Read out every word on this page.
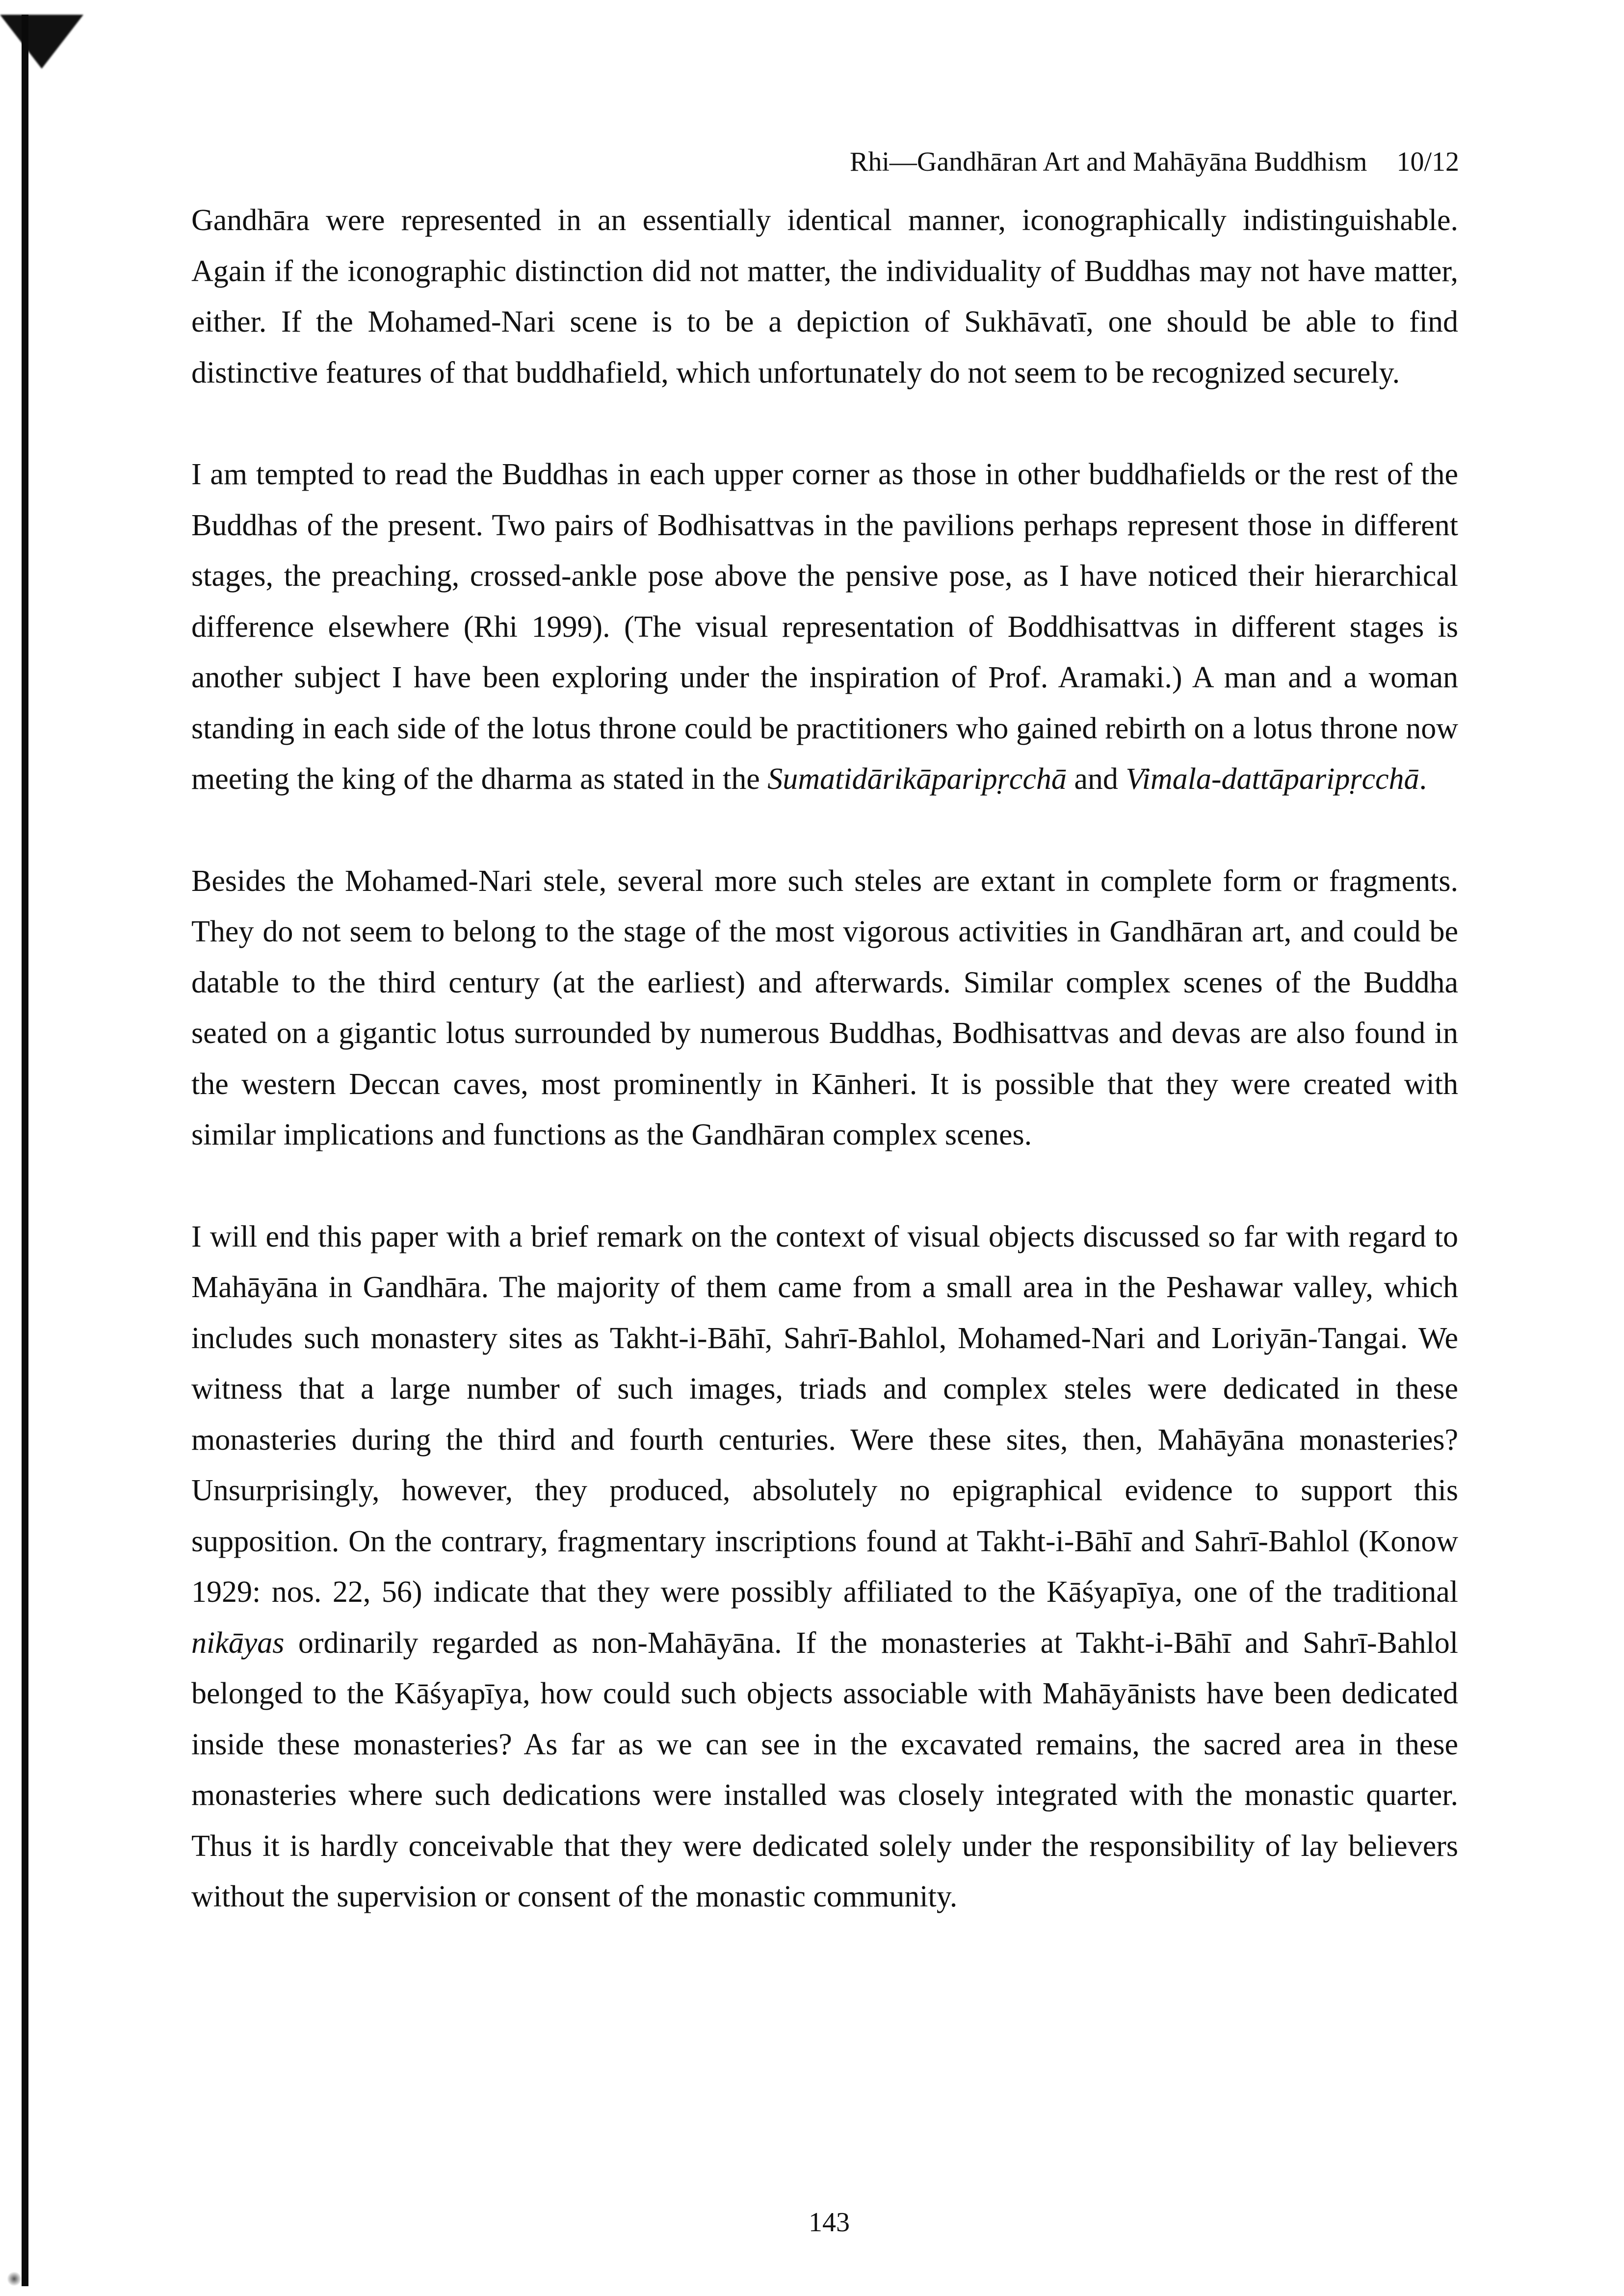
Rhi—Gandhāran Art and Mahāyāna Buddhism 10/12

Gandhāra were represented in an essentially identical manner, iconographically indistinguishable. Again if the iconographic distinction did not matter, the individuality of Buddhas may not have matter, either. If the Mohamed-Nari scene is to be a depiction of Sukhāvatī, one should be able to find distinctive features of that buddhafield, which unfortunately do not seem to be recognized securely.

I am tempted to read the Buddhas in each upper corner as those in other buddhafields or the rest of the Buddhas of the present. Two pairs of Bodhisattvas in the pavilions perhaps represent those in different stages, the preaching, crossed-ankle pose above the pensive pose, as I have noticed their hierarchical difference elsewhere (Rhi 1999). (The visual representation of Boddhisattvas in different stages is another subject I have been exploring under the inspiration of Prof. Aramaki.) A man and a woman standing in each side of the lotus throne could be practitioners who gained rebirth on a lotus throne now meeting the king of the dharma as stated in the Sumatidārikāparipṛcchā and Vimala-dattāparipṛcchā.

Besides the Mohamed-Nari stele, several more such steles are extant in complete form or fragments. They do not seem to belong to the stage of the most vigorous activities in Gandhāran art, and could be datable to the third century (at the earliest) and afterwards. Similar complex scenes of the Buddha seated on a gigantic lotus surrounded by numerous Buddhas, Bodhisattvas and devas are also found in the western Deccan caves, most prominently in Kānheri. It is possible that they were created with similar implications and functions as the Gandhāran complex scenes.

I will end this paper with a brief remark on the context of visual objects discussed so far with regard to Mahāyāna in Gandhāra. The majority of them came from a small area in the Peshawar valley, which includes such monastery sites as Takht-i-Bāhī, Sahrī-Bahlol, Mohamed-Nari and Loriyān-Tangai. We witness that a large number of such images, triads and complex steles were dedicated in these monasteries during the third and fourth centuries. Were these sites, then, Mahāyāna monasteries? Unsurprisingly, however, they produced, absolutely no epigraphical evidence to support this supposition. On the contrary, fragmentary inscriptions found at Takht-i-Bāhī and Sahrī-Bahlol (Konow 1929: nos. 22, 56) indicate that they were possibly affiliated to the Kāśyapīya, one of the traditional nikāyas ordinarily regarded as non-Mahāyāna. If the monasteries at Takht-i-Bāhī and Sahrī-Bahlol belonged to the Kāśyapīya, how could such objects associable with Mahāyānists have been dedicated inside these monasteries? As far as we can see in the excavated remains, the sacred area in these monasteries where such dedications were installed was closely integrated with the monastic quarter. Thus it is hardly conceivable that they were dedicated solely under the responsibility of lay believers without the supervision or consent of the monastic community.

143
